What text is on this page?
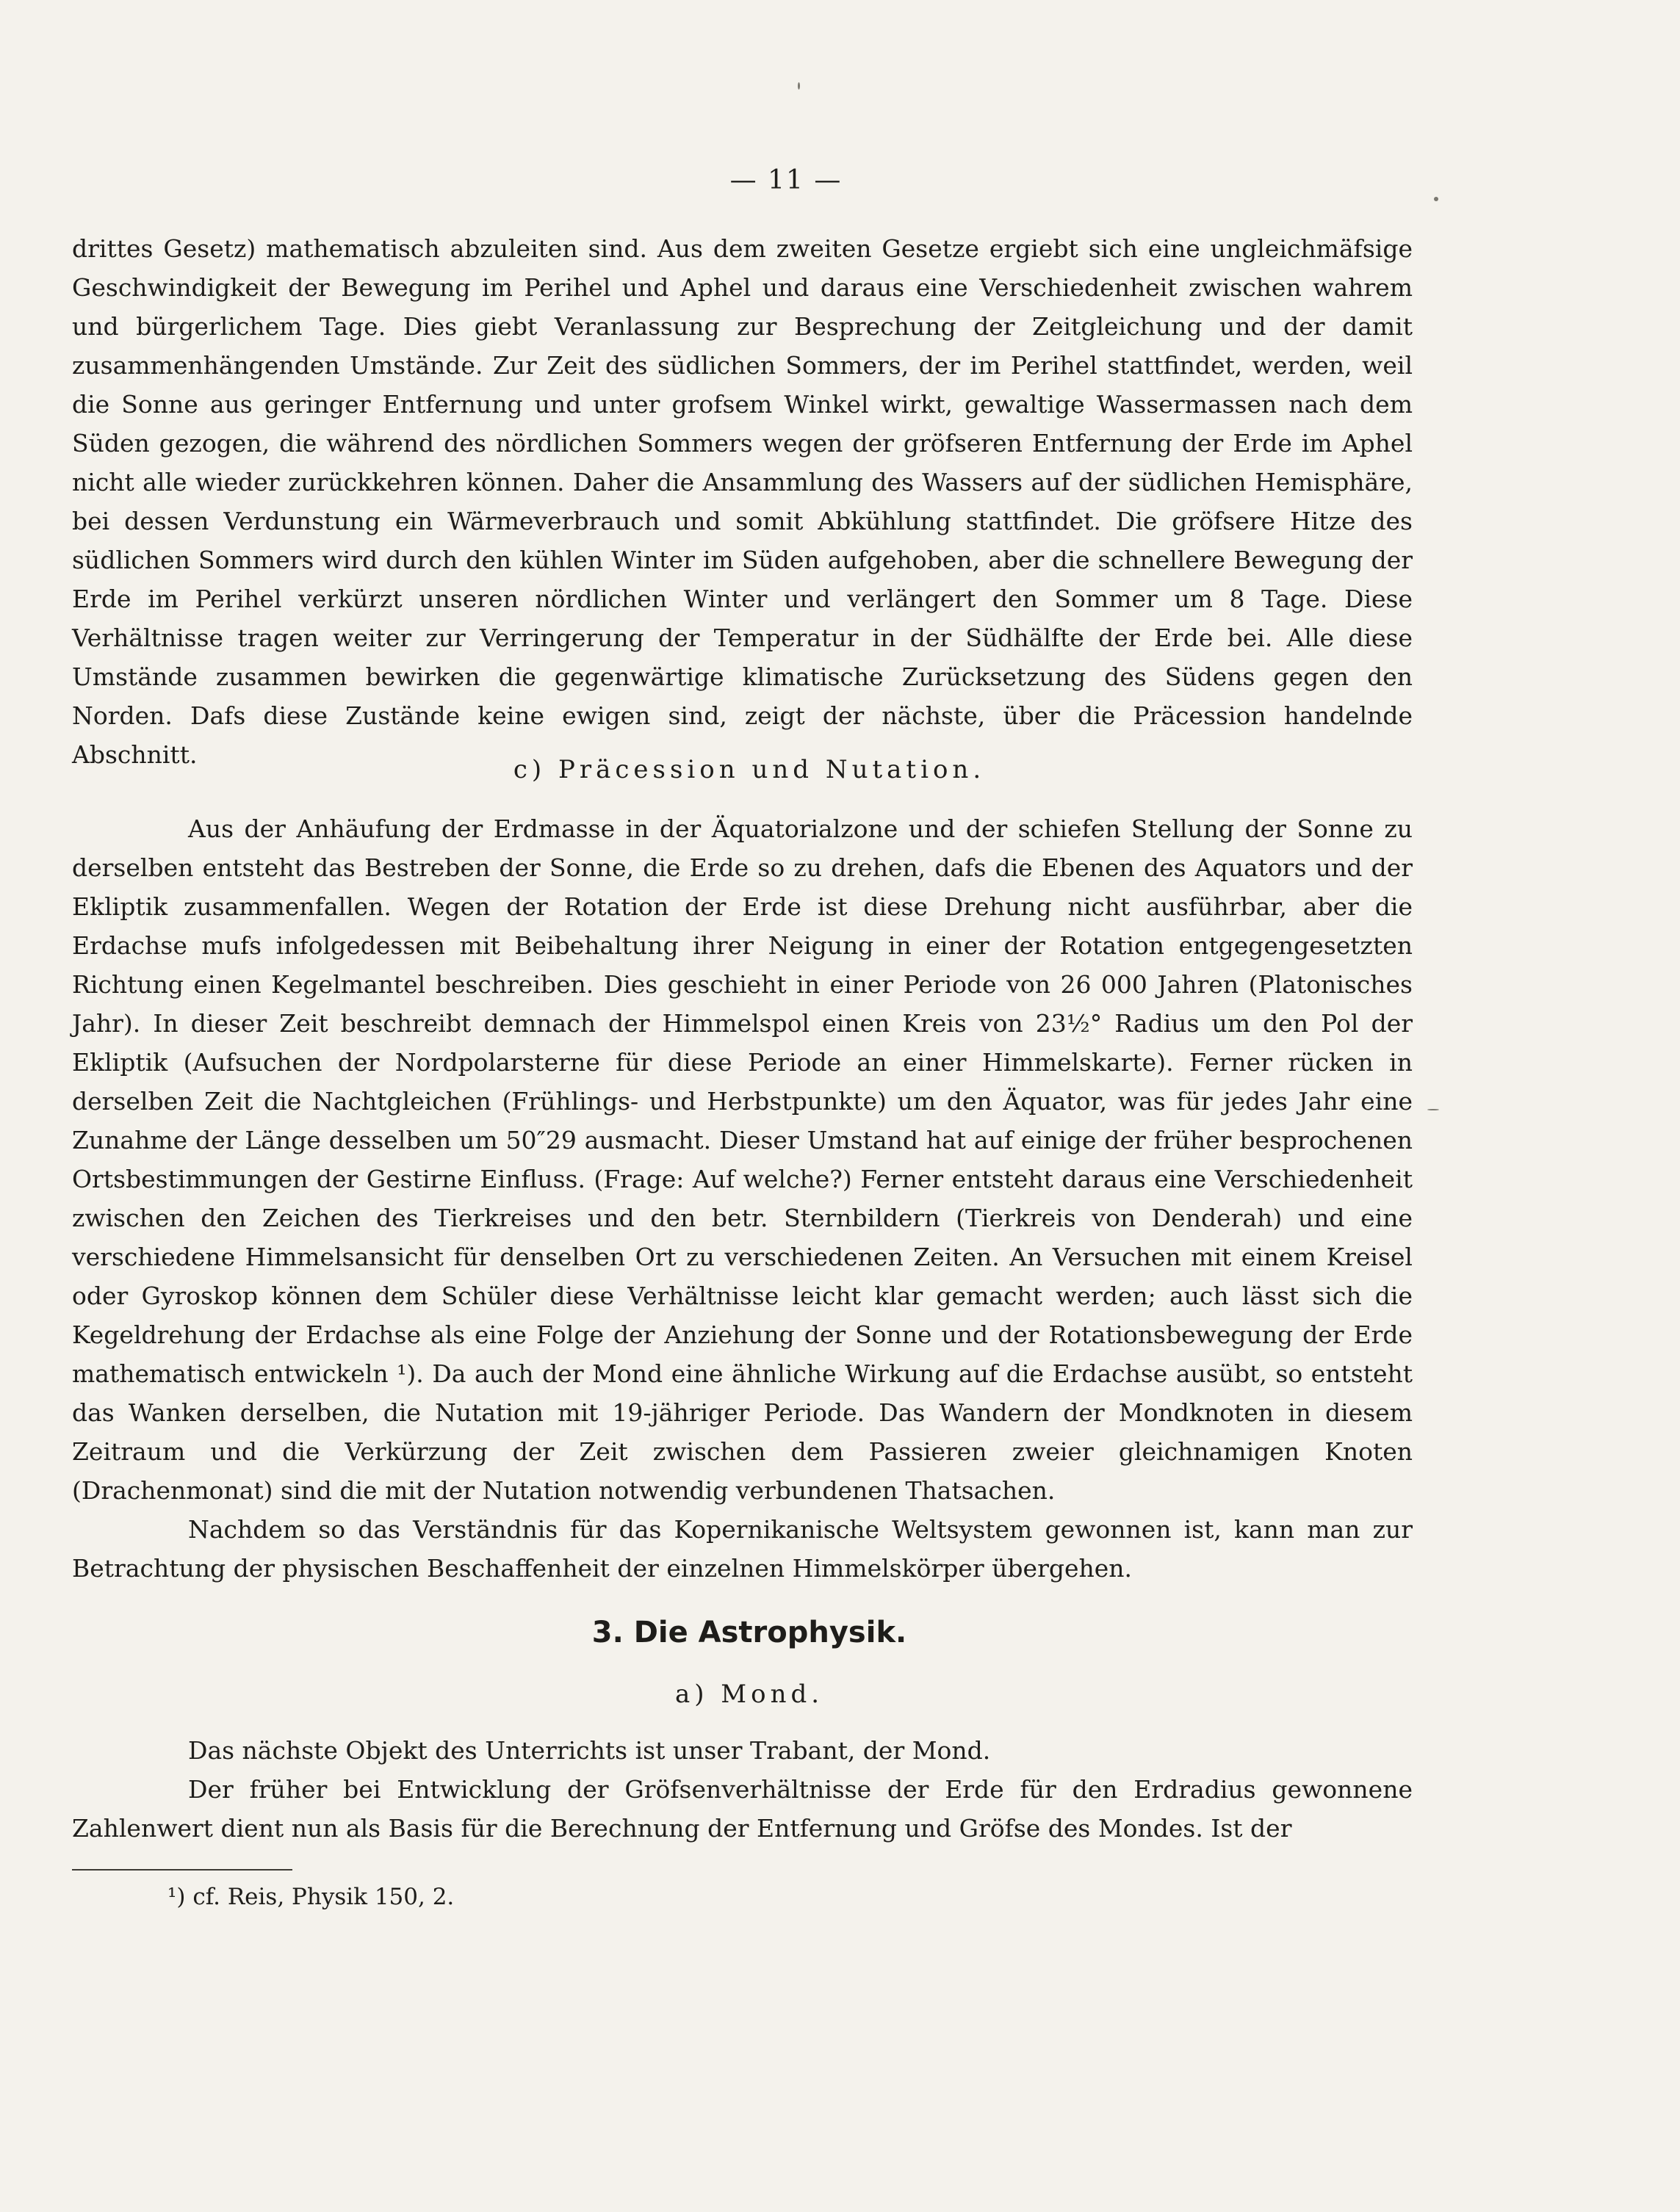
— 11 —

drittes Gesetz) mathematisch abzuleiten sind. Aus dem zweiten Gesetze ergiebt sich eine ungleichmäfsige Geschwindigkeit der Bewegung im Perihel und Aphel und daraus eine Verschiedenheit zwischen wahrem und bürgerlichem Tage. Dies giebt Veranlassung zur Besprechung der Zeitgleichung und der damit zusammenhängenden Umstände. Zur Zeit des südlichen Sommers, der im Perihel stattfindet, werden, weil die Sonne aus geringer Entfernung und unter grofsem Winkel wirkt, gewaltige Wassermassen nach dem Süden gezogen, die während des nördlichen Sommers wegen der gröfseren Entfernung der Erde im Aphel nicht alle wieder zurückkehren können. Daher die Ansammlung des Wassers auf der südlichen Hemisphäre, bei dessen Verdunstung ein Wärmeverbrauch und somit Abkühlung stattfindet. Die gröfsere Hitze des südlichen Sommers wird durch den kühlen Winter im Süden aufgehoben, aber die schnellere Bewegung der Erde im Perihel verkürzt unseren nördlichen Winter und verlängert den Sommer um 8 Tage. Diese Verhältnisse tragen weiter zur Verringerung der Temperatur in der Südhälfte der Erde bei. Alle diese Umstände zusammen bewirken die gegenwärtige klimatische Zurücksetzung des Südens gegen den Norden. Dafs diese Zustände keine ewigen sind, zeigt der nächste, über die Präcession handelnde Abschnitt.

c) Präcession und Nutation.

Aus der Anhäufung der Erdmasse in der Äquatorialzone und der schiefen Stellung der Sonne zu derselben entsteht das Bestreben der Sonne, die Erde so zu drehen, dafs die Ebenen des Aquators und der Ekliptik zusammenfallen. Wegen der Rotation der Erde ist diese Drehung nicht ausführbar, aber die Erdachse mufs infolgedessen mit Beibehaltung ihrer Neigung in einer der Rotation entgegengesetzten Richtung einen Kegelmantel beschreiben. Dies geschieht in einer Periode von 26 000 Jahren (Platonisches Jahr). In dieser Zeit beschreibt demnach der Himmelspol einen Kreis von 23½° Radius um den Pol der Ekliptik (Aufsuchen der Nordpolarsterne für diese Periode an einer Himmelskarte). Ferner rücken in derselben Zeit die Nachtgleichen (Frühlings- und Herbstpunkte) um den Äquator, was für jedes Jahr eine Zunahme der Länge desselben um 50″29 ausmacht. Dieser Umstand hat auf einige der früher besprochenen Ortsbestimmungen der Gestirne Einfluss. (Frage: Auf welche?) Ferner entsteht daraus eine Verschiedenheit zwischen den Zeichen des Tierkreises und den betr. Sternbildern (Tierkreis von Denderah) und eine verschiedene Himmelsansicht für denselben Ort zu verschiedenen Zeiten. An Versuchen mit einem Kreisel oder Gyroskop können dem Schüler diese Verhältnisse leicht klar gemacht werden; auch lässt sich die Kegeldrehung der Erdachse als eine Folge der Anziehung der Sonne und der Rotationsbewegung der Erde mathematisch entwickeln ¹). Da auch der Mond eine ähnliche Wirkung auf die Erdachse ausübt, so entsteht das Wanken derselben, die Nutation mit 19-jähriger Periode. Das Wandern der Mondknoten in diesem Zeitraum und die Verkürzung der Zeit zwischen dem Passieren zweier gleichnamigen Knoten (Drachenmonat) sind die mit der Nutation notwendig verbundenen Thatsachen.

Nachdem so das Verständnis für das Kopernikanische Weltsystem gewonnen ist, kann man zur Betrachtung der physischen Beschaffenheit der einzelnen Himmelskörper übergehen.

3. Die Astrophysik.
a) Mond.

Das nächste Objekt des Unterrichts ist unser Trabant, der Mond.

Der früher bei Entwicklung der Gröfsenverhältnisse der Erde für den Erdradius gewonnene Zahlenwert dient nun als Basis für die Berechnung der Entfernung und Gröfse des Mondes. Ist der

¹) cf. Reis, Physik 150, 2.
